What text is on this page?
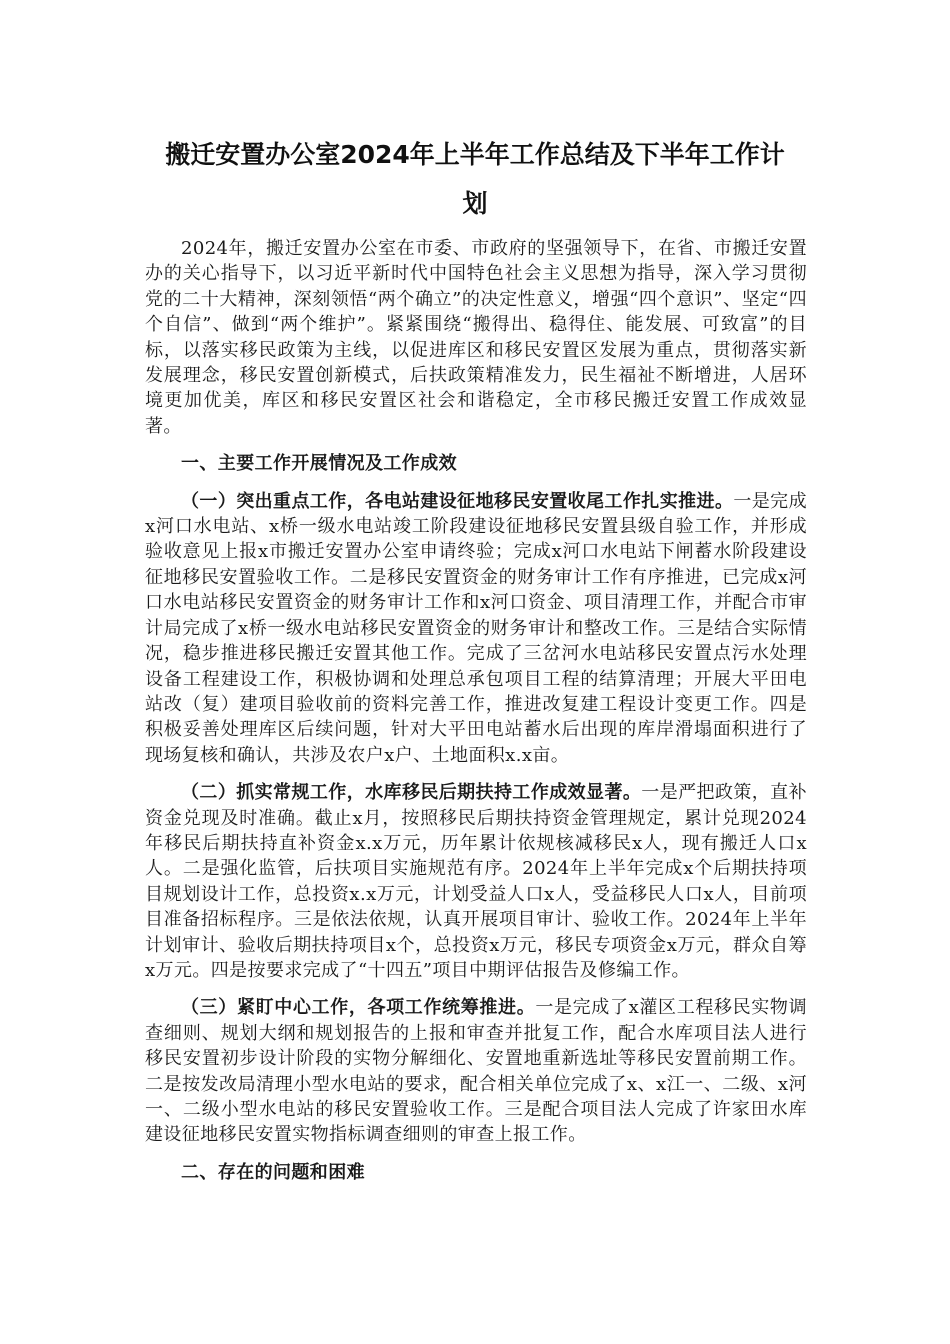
搬迁安置办公室2024年上半年工作总结及下半年工作计
划

2024年，搬迁安置办公室在市委、市政府的坚强领导下，在省、市搬迁安置办的关心指导下，以习近平新时代中国特色社会主义思想为指导，深入学习贯彻党的二十大精神，深刻领悟“两个确立”的决定性意义，增强“四个意识”、坚定“四个自信”、做到“两个维护”。紧紧围绕“搬得出、稳得住、能发展、可致富”的目标，以落实移民政策为主线，以促进库区和移民安置区发展为重点，贯彻落实新发展理念，移民安置创新模式，后扶政策精准发力，民生福祉不断增进，人居环境更加优美，库区和移民安置区社会和谐稳定，全市移民搬迁安置工作成效显著。

一、主要工作开展情况及工作成效

（一）突出重点工作，各电站建设征地移民安置收尾工作扎实推进。一是完成x河口水电站、x桥一级水电站竣工阶段建设征地移民安置县级自验工作，并形成验收意见上报x市搬迁安置办公室申请终验；完成x河口水电站下闸蓄水阶段建设征地移民安置验收工作。二是移民安置资金的财务审计工作有序推进，已完成x河口水电站移民安置资金的财务审计工作和x河口资金、项目清理工作，并配合市审计局完成了x桥一级水电站移民安置资金的财务审计和整改工作。三是结合实际情况，稳步推进移民搬迁安置其他工作。完成了三岔河水电站移民安置点污水处理设备工程建设工作，积极协调和处理总承包项目工程的结算清理；开展大平田电站改（复）建项目验收前的资料完善工作，推进改复建工程设计变更工作。四是积极妥善处理库区后续问题，针对大平田电站蓄水后出现的库岸滑塌面积进行了现场复核和确认，共涉及农户x户、土地面积x.x亩。

（二）抓实常规工作，水库移民后期扶持工作成效显著。一是严把政策，直补资金兑现及时准确。截止x月，按照移民后期扶持资金管理规定，累计兑现2024年移民后期扶持直补资金x.x万元，历年累计依规核减移民x人，现有搬迁人口x人。二是强化监管，后扶项目实施规范有序。2024年上半年完成x个后期扶持项目规划设计工作，总投资x.x万元，计划受益人口x人，受益移民人口x人，目前项目准备招标程序。三是依法依规，认真开展项目审计、验收工作。2024年上半年计划审计、验收后期扶持项目x个，总投资x万元，移民专项资金x万元，群众自筹x万元。四是按要求完成了“十四五”项目中期评估报告及修编工作。

（三）紧盯中心工作，各项工作统筹推进。一是完成了x灌区工程移民实物调查细则、规划大纲和规划报告的上报和审查并批复工作，配合水库项目法人进行移民安置初步设计阶段的实物分解细化、安置地重新选址等移民安置前期工作。二是按发改局清理小型水电站的要求，配合相关单位完成了x、x江一、二级、x河一、二级小型水电站的移民安置验收工作。三是配合项目法人完成了许家田水库建设征地移民安置实物指标调查细则的审查上报工作。

二、存在的问题和困难
